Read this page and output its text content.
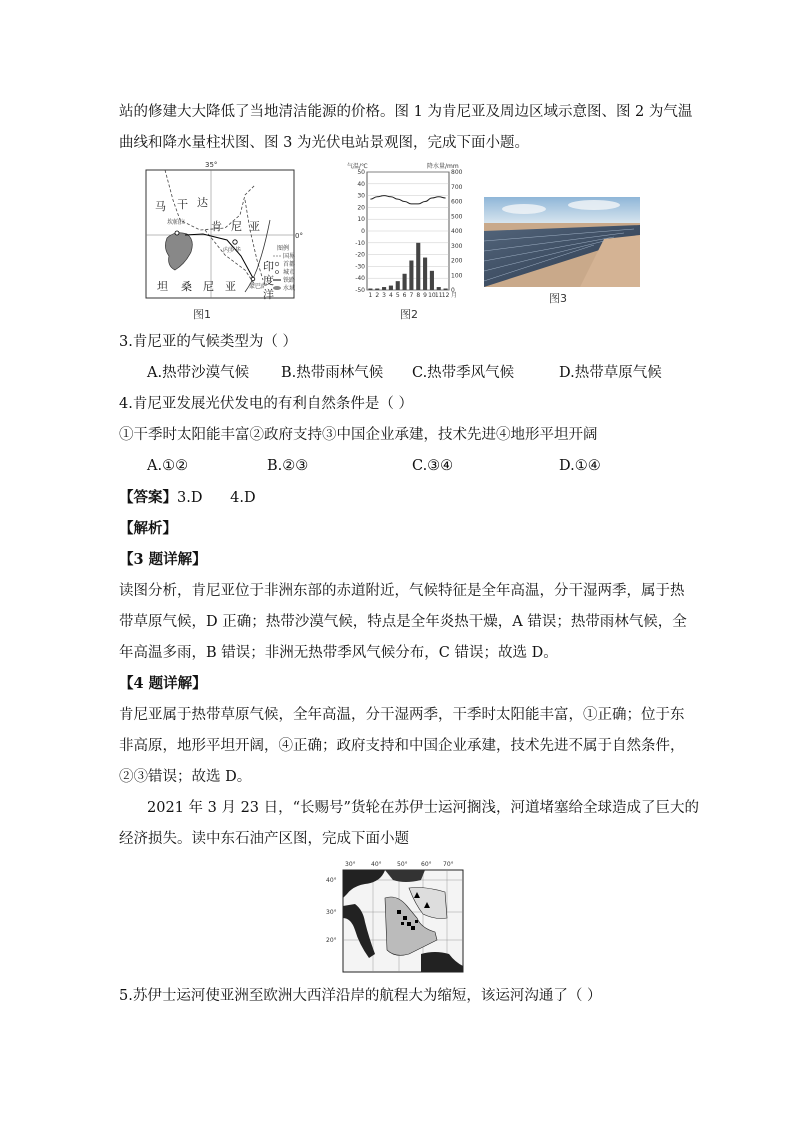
站的修建大大降低了当地清洁能源的价格。图 1 为肯尼亚及周边区域示意图、图 2 为气温
曲线和降水量柱状图、图 3 为光伏电站景观图，完成下面小题。
35°
0°
马 干 达
坎帕拉 肯 尼 亚
坦 桑 尼 亚
印
度
洋
内罗毕
蒙巴萨
图例
国界
首都
城市
铁路
水域
图1
气温/℃	降水量/mm
50
40
30
20
10
0
-10
-20
-30
-40
-50
800
700
600
500
400
300
200
100
0
1 2 3 4 5 6 7 8 9 10 11 12 月
图2
图3
3.肯尼亚的气候类型为（ ）
A.热带沙漠气候 B.热带雨林气候 C.热带季风气候	D.热带草原气候
4.肯尼亚发展光伏发电的有利自然条件是（ ）
①干季时太阳能丰富②政府支持③中国企业承建，技术先进④地形平坦开阔
A.①②	B.②③	C.③④	D.①④
【答案】3.D      4.D
【解析】
【3 题详解】
读图分析，肯尼亚位于非洲东部的赤道附近，气候特征是全年高温，分干湿两季，属于热
带草原气候，D 正确；热带沙漠气候，特点是全年炎热干燥，A 错误；热带雨林气候，全
年高温多雨，B 错误；非洲无热带季风气候分布，C 错误；故选 D。
【4 题详解】
肯尼亚属于热带草原气候，全年高温，分干湿两季，干季时太阳能丰富，①正确；位于东
非高原，地形平坦开阔，④正确；政府支持和中国企业承建，技术先进不属于自然条件，
②③错误；故选 D。
2021 年 3 月 23 日，“长赐号”货轮在苏伊士运河搁浅，河道堵塞给全球造成了巨大的
经济损失。读中东石油产区图，完成下面小题
30°	40°	50° 60° 70°
40°
30°
20°
5.苏伊士运河使亚洲至欧洲大西洋沿岸的航程大为缩短，该运河沟通了（ ）
